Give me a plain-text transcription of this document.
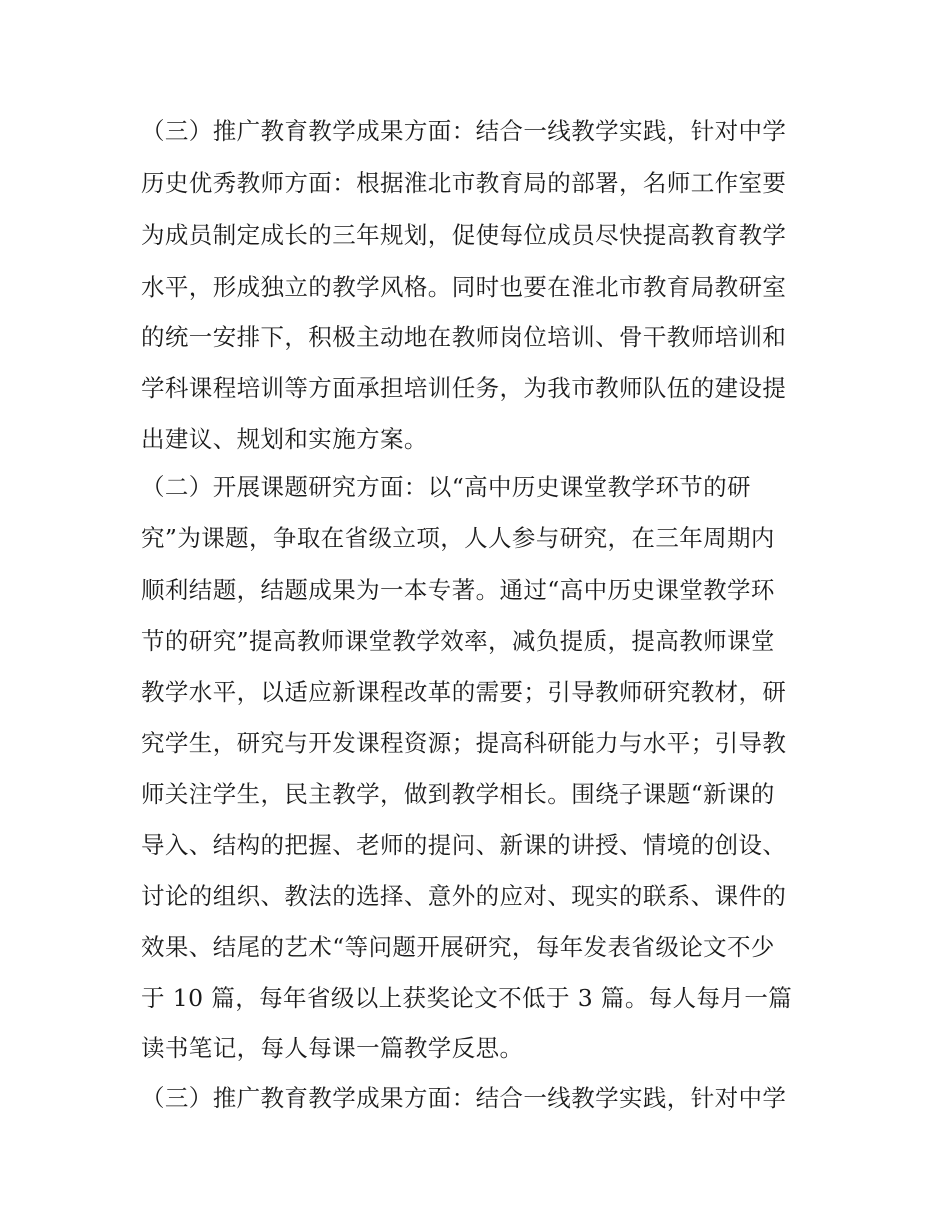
（三）推广教育教学成果方面：结合一线教学实践，针对中学

历史优秀教师方面：根据淮北市教育局的部署，名师工作室要

为成员制定成长的三年规划，促使每位成员尽快提高教育教学

水平，形成独立的教学风格。同时也要在淮北市教育局教研室

的统一安排下，积极主动地在教师岗位培训、骨干教师培训和

学科课程培训等方面承担培训任务，为我市教师队伍的建设提

出建议、规划和实施方案。

（二）开展课题研究方面：以“高中历史课堂教学环节的研

究”为课题，争取在省级立项，人人参与研究，在三年周期内

顺利结题，结题成果为一本专著。通过“高中历史课堂教学环

节的研究”提高教师课堂教学效率，减负提质，提高教师课堂

教学水平，以适应新课程改革的需要；引导教师研究教材，研

究学生，研究与开发课程资源；提高科研能力与水平；引导教

师关注学生，民主教学，做到教学相长。围绕子课题“新课的

导入、结构的把握、老师的提问、新课的讲授、情境的创设、

讨论的组织、教法的选择、意外的应对、现实的联系、课件的

效果、结尾的艺术“等问题开展研究，每年发表省级论文不少

于 10 篇，每年省级以上获奖论文不低于 3 篇。每人每月一篇

读书笔记，每人每课一篇教学反思。

（三）推广教育教学成果方面：结合一线教学实践，针对中学
